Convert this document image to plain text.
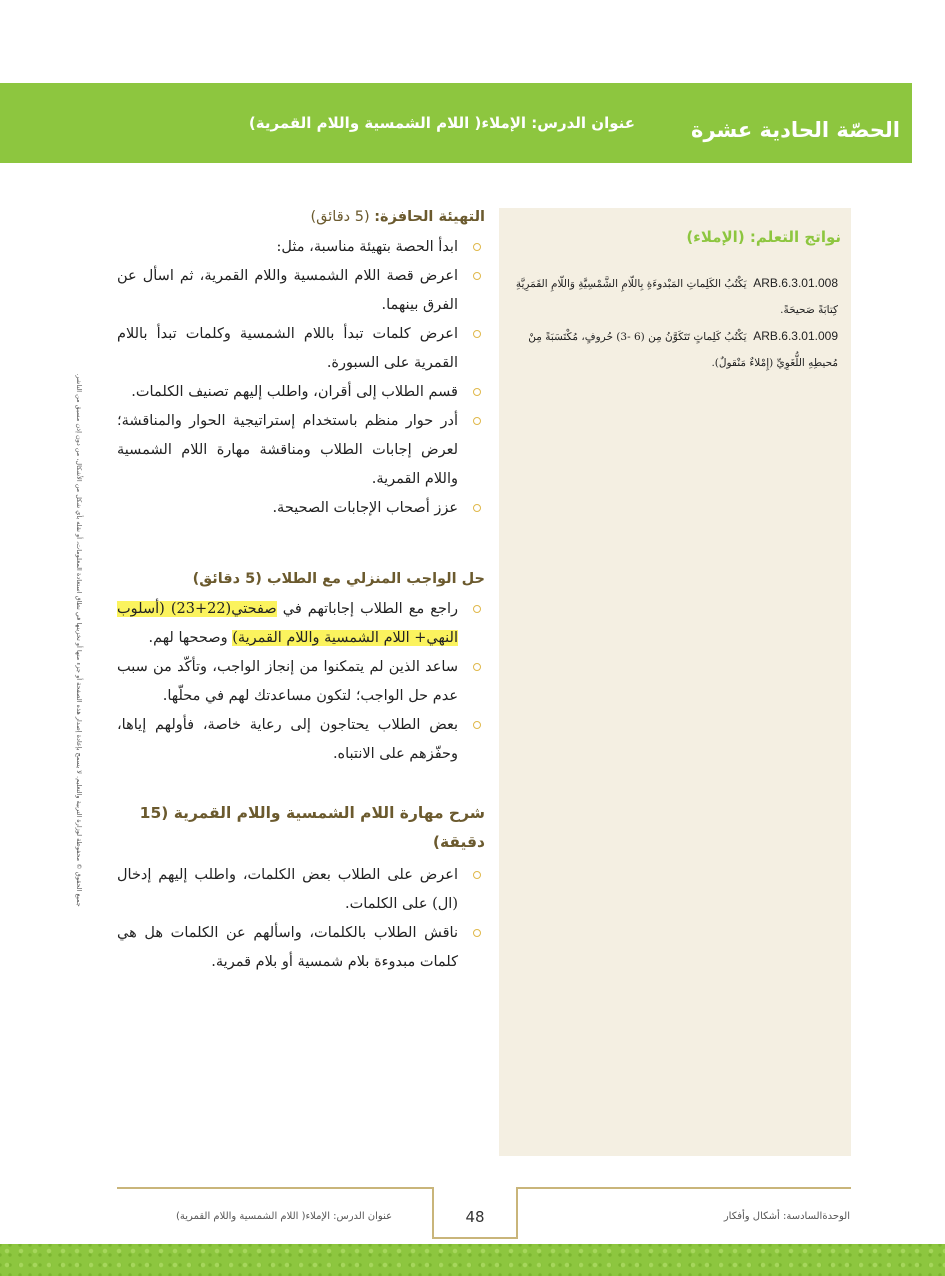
الحصّة الحادية عشرة
عنوان الدرس: الإملاء( اللام الشمسية واللام القمرية)
جميع الحقوق © محفوظة لوزارة التربية والتعليم. لا يسمح بإعادة إصدار هذه الصفحة أو جزء منها أو تخزينها في نطاق استعادة المعلومات، أو نقله بأي شكل من الأشكال، من دون إذن مسبق من الناشر.
نواتج التعلم: (الإملاء)

ARB.6.3.01.008  يَكْتُبُ الكَلِماتِ المَبْدوءَةِ بِاللّامِ الشَّمْسِيَّةِ وَاللّامِ القَمَرِيَّةِ كِتابَةً صَحيحَةً.

ARB.6.3.01.009  يَكْتُبُ كَلِماتٍ تَتَكَوَّنُ مِن (6 -3) حُروفٍ، مُكْتَسَبَةً مِنْ مُحيطِهِ اللُّغَوِيِّ (إِمْلاءٌ مَنْقولٌ).

التهيئة الحافزة: (5 دقائق)
ابدأ الحصة بتهيئة مناسبة، مثل:
اعرض قصة اللام الشمسية واللام القمرية، ثم اسأل عن الفرق بينهما.
اعرض كلمات تبدأ باللام الشمسية وكلمات تبدأ باللام القمرية على السبورة.
قسم الطلاب إلى أقران، واطلب إليهم تصنيف الكلمات.
أدر حوار منظم باستخدام إستراتيجية الحوار والمناقشة؛ لعرض إجابات الطلاب ومناقشة مهارة اللام الشمسية واللام القمرية.
عزز أصحاب الإجابات الصحيحة.
حل الواجب المنزلي مع الطلاب (5 دقائق)
راجع مع الطلاب إجاباتهم في صفحتي(22+23) (أسلوب النهي+ اللام الشمسية واللام القمرية) وصححها لهم.
ساعد الذين لم يتمكنوا من إنجاز الواجب، وتأكّد من سبب عدم حل الواجب؛ لتكون مساعدتك لهم في محلّها.
بعض الطلاب يحتاجون إلى رعاية خاصة، فأولهم إياها، وحفّزهم على الانتباه.
شرح مهارة اللام الشمسية واللام القمرية (15 دقيقة)
اعرض على الطلاب بعض الكلمات، واطلب إليهم إدخال (ال) على الكلمات.
ناقش الطلاب بالكلمات، واسألهم عن الكلمات هل هي كلمات مبدوءة بلام شمسية أو بلام قمرية.
48
عنوان الدرس: الإملاء( اللام الشمسية واللام القمرية)	الوحدةالسادسة: أشكال وأفكار
